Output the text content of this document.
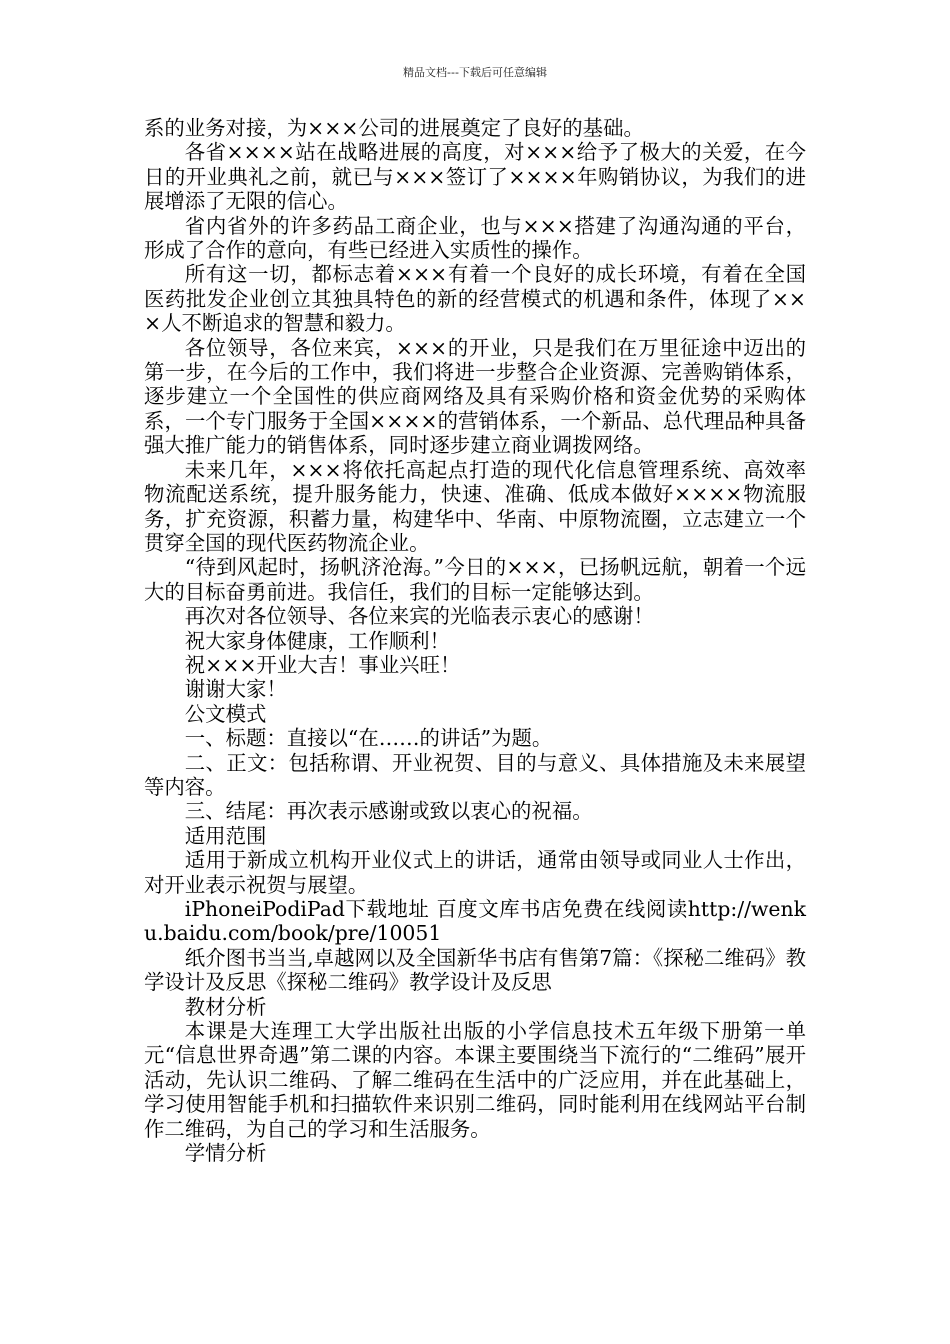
精品文档---下载后可任意编辑

系的业务对接，为×××公司的进展奠定了良好的基础。

各省××××站在战略进展的高度，对×××给予了极大的关爱，在今日的开业典礼之前，就已与×××签订了××××年购销协议，为我们的进展增添了无限的信心。

省内省外的许多药品工商企业，也与×××搭建了沟通沟通的平台，形成了合作的意向，有些已经进入实质性的操作。

所有这一切，都标志着×××有着一个良好的成长环境，有着在全国医药批发企业创立其独具特色的新的经营模式的机遇和条件，体现了×××人不断追求的智慧和毅力。

各位领导，各位来宾，×××的开业，只是我们在万里征途中迈出的第一步，在今后的工作中，我们将进一步整合企业资源、完善购销体系，逐步建立一个全国性的供应商网络及具有采购价格和资金优势的采购体系，一个专门服务于全国××××的营销体系，一个新品、总代理品种具备强大推广能力的销售体系，同时逐步建立商业调拨网络。

未来几年，×××将依托高起点打造的现代化信息管理系统、高效率物流配送系统，提升服务能力，快速、准确、低成本做好××××物流服务，扩充资源，积蓄力量，构建华中、华南、中原物流圈，立志建立一个贯穿全国的现代医药物流企业。

“待到风起时，扬帆济沧海。”今日的×××，已扬帆远航，朝着一个远大的目标奋勇前进。我信任，我们的目标一定能够达到。

再次对各位领导、各位来宾的光临表示衷心的感谢！

祝大家身体健康，工作顺利！

祝×××开业大吉！事业兴旺！

谢谢大家！

公文模式

一、标题：直接以“在……的讲话”为题。

二、正文：包括称谓、开业祝贺、目的与意义、具体措施及未来展望等内容。

三、结尾：再次表示感谢或致以衷心的祝福。

适用范围

适用于新成立机构开业仪式上的讲话，通常由领导或同业人士作出，对开业表示祝贺与展望。

iPhoneiPodiPad下载地址 百度文库书店免费在线阅读http://wenku.baidu.com/book/pre/10051

纸介图书当当,卓越网以及全国新华书店有售第7篇：《探秘二维码》教学设计及反思《探秘二维码》教学设计及反思

教材分析

本课是大连理工大学出版社出版的小学信息技术五年级下册第一单元“信息世界奇遇”第二课的内容。本课主要围绕当下流行的“二维码”展开活动，先认识二维码、了解二维码在生活中的广泛应用，并在此基础上，学习使用智能手机和扫描软件来识别二维码，同时能利用在线网站平台制作二维码，为自己的学习和生活服务。

学情分析
